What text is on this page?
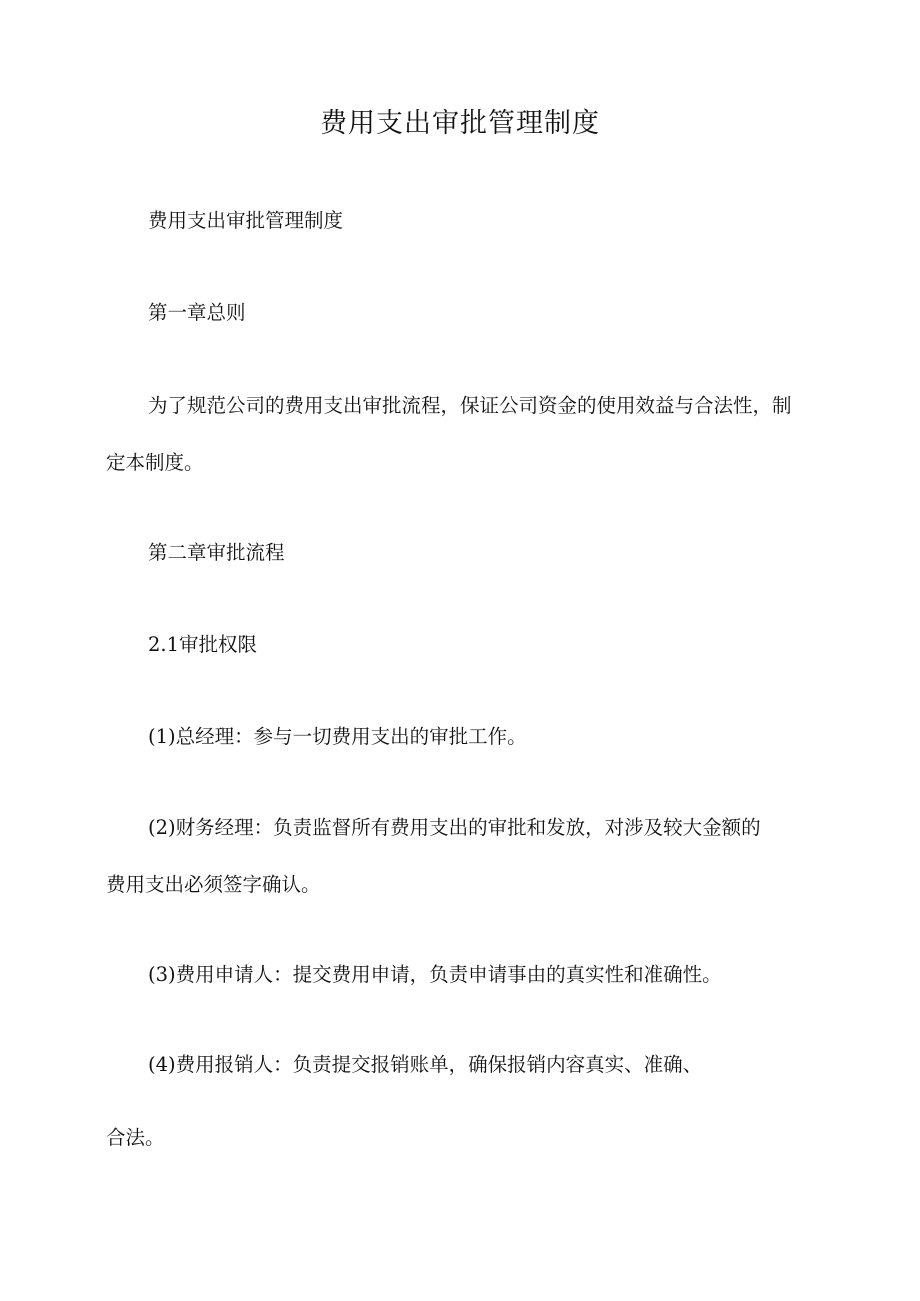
费用支出审批管理制度

费用支出审批管理制度

第一章总则

为了规范公司的费用支出审批流程，保证公司资金的使用效益与合法性，制

定本制度。

第二章审批流程

2.1审批权限

(1)总经理：参与一切费用支出的审批工作。

(2)财务经理：负责监督所有费用支出的审批和发放，对涉及较大金额的

费用支出必须签字确认。

(3)费用申请人：提交费用申请，负责申请事由的真实性和准确性。

(4)费用报销人：负责提交报销账单，确保报销内容真实、准确、

合法。
